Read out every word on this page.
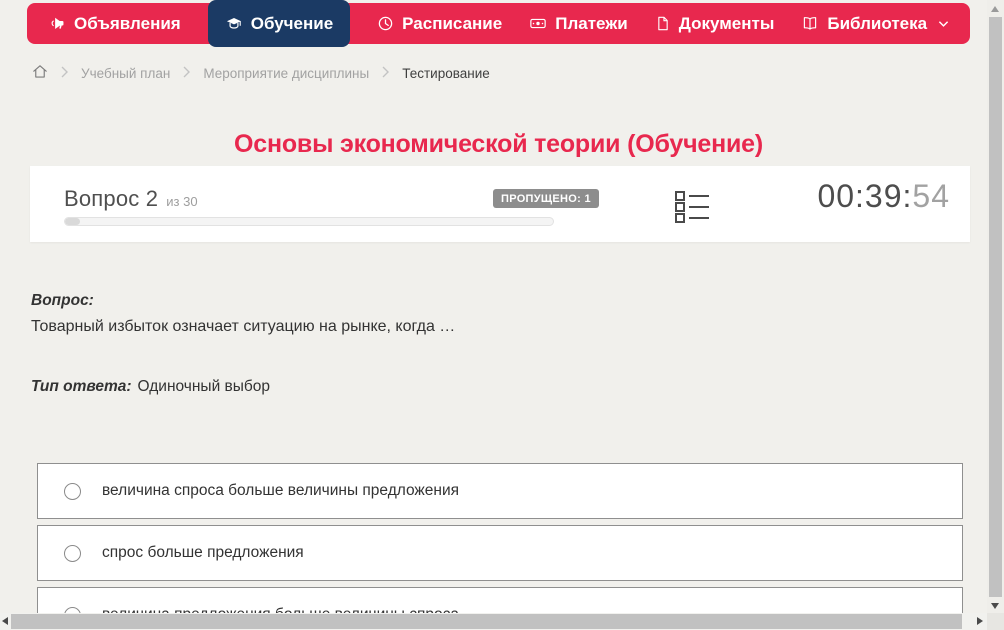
Объявления	Обучение	Расписание	Платежи	Документы	Библиотека
Учебный план Мероприятие дисциплины Тестирование
Основы экономической теории (Обучение)
Вопрос 2 из 30	ПРОПУЩЕНО: 1	00:39:54
Вопрос:
Товарный избыток означает ситуацию на рынке, когда …
Тип ответа: Одиночный выбор
величина спроса больше величины предложения
спрос больше предложения
